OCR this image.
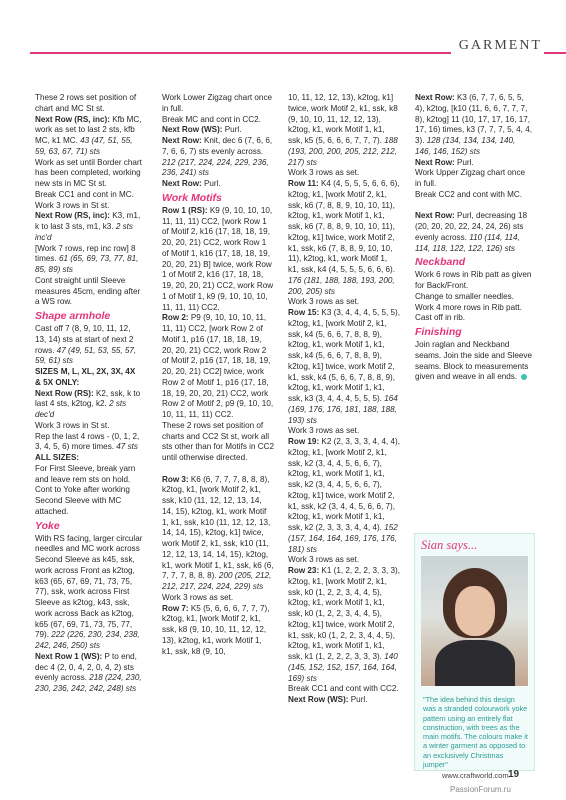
GARMENT

These 2 rows set position of chart and MC St st.

Next Row (RS, inc): Kfb MC, work as set to last 2 sts, kfb MC, k1 MC. 43 (47, 51, 55, 59, 63, 67, 71) sts

Work as set until Border chart has been completed, working new sts in MC St st.

Break CC1 and cont in MC.

Work 3 rows in St st.

Next Row (RS, inc): K3, m1, k to last 3 sts, m1, k3. 2 sts inc'd

[Work 7 rows, rep inc row] 8 times. 61 (65, 69, 73, 77, 81, 85, 89) sts

Cont straight until Sleeve measures 45cm, ending after a WS row.

Shape armhole

Cast off 7 (8, 9, 10, 11, 12, 13, 14) sts at start of next 2 rows. 47 (49, 51, 53, 55, 57, 59, 61) sts

SIZES M, L, XL, 2X, 3X, 4X & 5X ONLY:

Next Row (RS): K2, ssk, k to last 4 sts, k2tog, k2. 2 sts dec'd

Work 3 rows in St st.

Rep the last 4 rows - (0, 1, 2, 3, 4, 5, 6) more times. 47 sts

ALL SIZES:

For First Sleeve, break yarn and leave rem sts on hold. Cont to Yoke after working Second Sleeve with MC attached.

Yoke

With RS facing, larger circular needles and MC work across Second Sleeve as k45, ssk, work across Front as k2tog, k63 (65, 67, 69, 71, 73, 75, 77), ssk, work across First Sleeve as k2tog, k43, ssk, work across Back as k2tog, k65 (67, 69, 71, 73, 75, 77, 79). 222 (226, 230, 234, 238, 242, 246, 250) sts

Next Row 1 (WS): P to end, dec 4 (2, 0, 4, 2, 0, 4, 2) sts evenly across. 218 (224, 230, 230, 236, 242, 242, 248) sts

Work Lower Zigzag chart once in full.

Break MC and cont in CC2.

Next Row (WS): Purl.

Next Row: Knit, dec 6 (7, 6, 6, 7, 6, 6, 7) sts evenly across. 212 (217, 224, 224, 229, 236, 236, 241) sts

Next Row: Purl.

Work Motifs

Row 1 (RS): K9 (9, 10, 10, 10, 11, 11, 11) CC2, [work Row 1 of Motif 2, k16 (17, 18, 18, 19, 20, 20, 21) CC2, work Row 1 of Motif 1, k16 (17, 18, 18, 19, 20, 20, 21) B] twice, work Row 1 of Motif 2, k16 (17, 18, 18, 19, 20, 20, 21) CC2, work Row 1 of Motif 1, k9 (9, 10, 10, 10, 11, 11, 11) CC2.

Row 2: P9 (9, 10, 10, 10, 11, 11, 11) CC2, [work Row 2 of Motif 1, p16 (17, 18, 18, 19, 20, 20, 21) CC2, work Row 2 of Motif 2, p16 (17, 18, 18, 19, 20, 20, 21) CC2] twice, work Row 2 of Motif 1, p16 (17, 18, 18, 19, 20, 20, 21) CC2, work Row 2 of Motif 2, p9 (9, 10, 10, 10, 11, 11, 11) CC2.

These 2 rows set position of charts and CC2 St st, work all sts other than for Motifs in CC2 until otherwise directed.

Row 3: K6 (6, 7, 7, 7, 8, 8, 8), k2tog, k1, [work Motif 2, k1, ssk, k10 (11, 12, 12, 13, 14, 14, 15), k2tog, k1, work Motif 1, k1, ssk, k10 (11, 12, 12, 13, 14, 14, 15), k2tog, k1] twice, work Motif 2, k1, ssk, k10 (11, 12, 12, 13, 14, 14, 15), k2tog, k1, work Motif 1, k1, ssk, k6 (6, 7, 7, 7, 8, 8, 8). 200 (205, 212, 212, 217, 224, 224, 229) sts

Work 3 rows as set.

Row 7: K5 (5, 6, 6, 6, 7, 7, 7), k2tog, k1, [work Motif 2, k1, ssk, k8 (9, 10, 10, 11, 12, 12, 13), k2tog, k1, work Motif 1, k1, ssk, k8 (9, 10,

10, 11, 12, 12, 13), k2tog, k1] twice, work Motif 2, k1, ssk, k8 (9, 10, 10, 11, 12, 12, 13), k2tog, k1, work Motif 1, k1, ssk, k5 (5, 6, 6, 6, 7, 7, 7). 188 (193, 200, 200, 205, 212, 212, 217) sts

Work 3 rows as set.

Row 11: K4 (4, 5, 5, 5, 6, 6, 6), k2tog, k1, [work Motif 2, k1, ssk, k6 (7, 8, 8, 9, 10, 10, 11), k2tog, k1, work Motif 1, k1, ssk, k6 (7, 8, 8, 9, 10, 10, 11), k2tog, k1] twice, work Motif 2, k1, ssk, k6 (7, 8, 8, 9, 10, 10, 11), k2tog, k1, work Motif 1, k1, ssk, k4 (4, 5, 5, 5, 6, 6, 6). 176 (181, 188, 188, 193, 200, 200, 205) sts

Work 3 rows as set.

Row 15: K3 (3, 4, 4, 4, 5, 5, 5), k2tog, k1, [work Motif 2, k1, ssk, k4 (5, 6, 6, 7, 8, 8, 9), k2tog, k1, work Motif 1, k1, ssk, k4 (5, 6, 6, 7, 8, 8, 9), k2tog, k1] twice, work Motif 2, k1, ssk, k4 (5, 6, 6, 7, 8, 8, 9), k2tog, k1, work Motif 1, k1, ssk, k3 (3, 4, 4, 4, 5, 5, 5). 164 (169, 176, 176, 181, 188, 188, 193) sts

Work 3 rows as set.

Row 19: K2 (2, 3, 3, 3, 4, 4, 4), k2tog, k1, [work Motif 2, k1, ssk, k2 (3, 4, 4, 5, 6, 6, 7), k2tog, k1, work Motif 1, k1, ssk, k2 (3, 4, 4, 5, 6, 6, 7), k2tog, k1] twice, work Motif 2, k1, ssk, k2 (3, 4, 4, 5, 6, 6, 7), k2tog, k1, work Motif 1, k1, ssk, k2 (2, 3, 3, 3, 4, 4, 4). 152 (157, 164, 164, 169, 176, 176, 181) sts

Work 3 rows as set.

Row 23: K1 (1, 2, 2, 2, 3, 3, 3), k2tog, k1, [work Motif 2, k1, ssk, k0 (1, 2, 2, 3, 4, 4, 5), k2tog, k1, work Motif 1, k1, ssk, k0 (1, 2, 2, 3, 4, 4, 5), k2tog, k1] twice, work Motif 2, k1, ssk, k0 (1, 2, 2, 3, 4, 4, 5), k2tog, k1, work Motif 1, k1, ssk, k1 (1, 2, 2, 2, 3, 3, 3). 140 (145, 152, 152, 157, 164, 164, 169) sts

Break CC1 and cont with CC2.

Next Row (WS): Purl.

Next Row: K3 (6, 7, 7, 6, 5, 5, 4), k2tog, [k10 (11, 6, 6, 7, 7, 7, 8), k2tog] 11 (10, 17, 17, 16, 17, 17, 16) times, k3 (7, 7, 7, 5, 4, 4, 3). 128 (134, 134, 134, 140, 146, 146, 152) sts

Next Row: Purl.

Work Upper Zigzag chart once in full.

Break CC2 and cont with MC.

Next Row: Purl, decreasing 18 (20, 20, 20, 22, 24, 24, 26) sts evenly across. 110 (114, 114, 114, 118, 122, 122, 126) sts

Neckband

Work 6 rows in Rib patt as given for Back/Front.

Change to smaller needles.

Work 4 more rows in Rib patt.

Cast off in rib.

Finishing

Join raglan and Neckband seams. Join the side and Sleeve seams. Block to measurements given and weave in all ends.

Sian says...
"The idea behind this design was a stranded colourwork yoke pattern using an entirely flat construction, with trees as the main motifs. The colours make it a winter garment as opposed to an exclusively Christmas jumper"
www.craftworld.com 19
PassionForum.ru
